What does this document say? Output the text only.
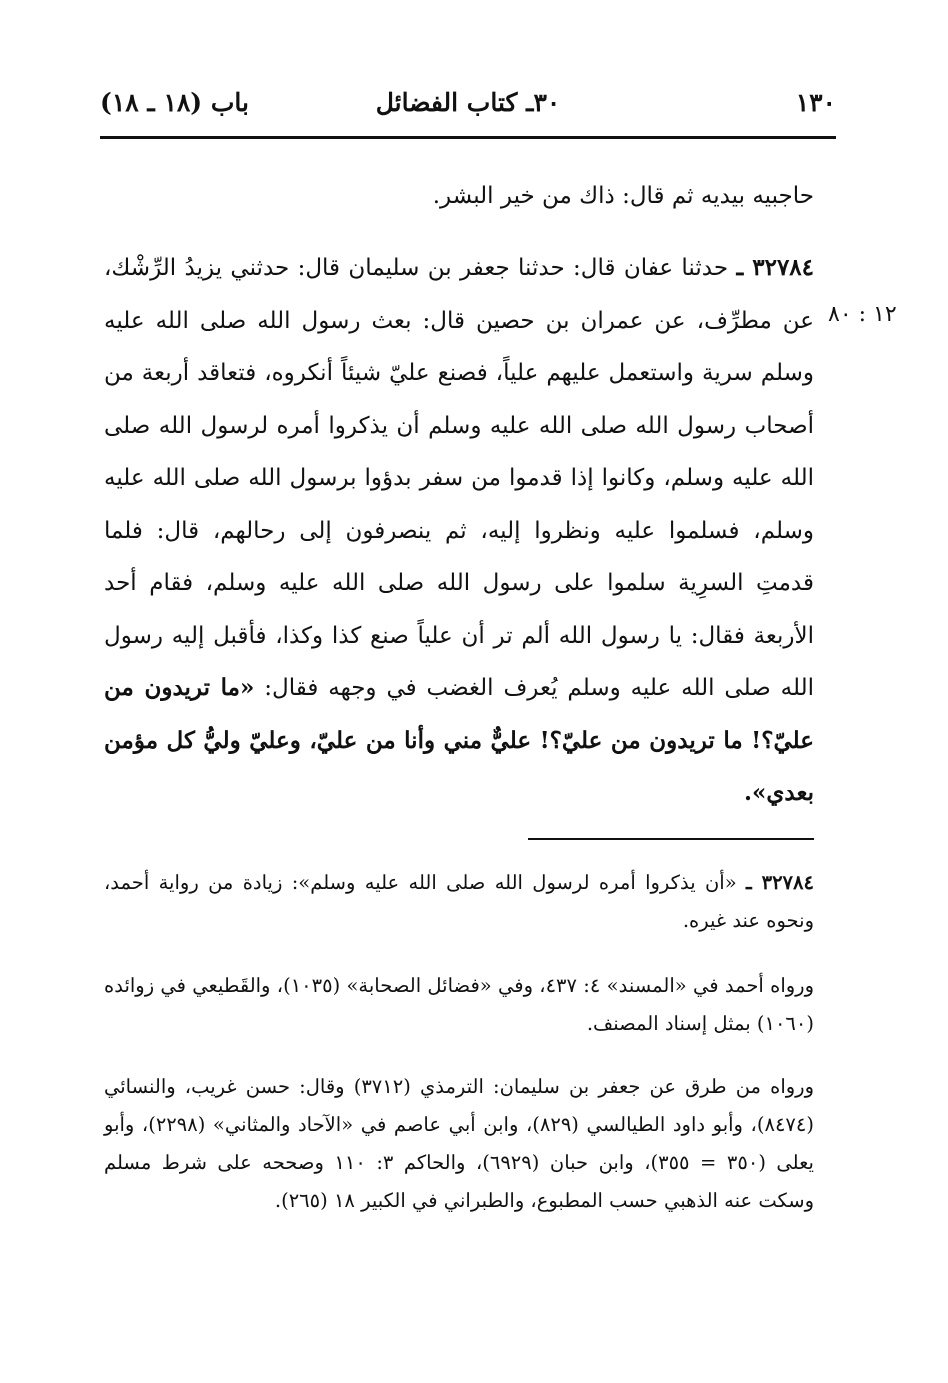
باب (١٨ ـ ١٨)	٣٠ـ كتاب الفضائل	١٣٠
حاجبيه بيديه ثم قال: ذاك من خير البشر.
١٢ : ٨٠
٣٢٧٨٤ ـ حدثنا عفان قال: حدثنا جعفر بن سليمان قال: حدثني يزيدُ الرِّشْك، عن مطرِّف، عن عمران بن حصين قال: بعث رسول الله صلى الله عليه وسلم سرية واستعمل عليهم علياً، فصنع عليّ شيئاً أنكروه، فتعاقد أربعة من أصحاب رسول الله صلى الله عليه وسلم أن يذكروا أمره لرسول الله صلى الله عليه وسلم، وكانوا إذا قدموا من سفر بدؤوا برسول الله صلى الله عليه وسلم، فسلموا عليه ونظروا إليه، ثم ينصرفون إلى رحالهم، قال: فلما قدمتِ السرِية سلموا على رسول الله صلى الله عليه وسلم، فقام أحد الأربعة فقال: يا رسول الله ألم تر أن علياً صنع كذا وكذا، فأقبل إليه رسول الله صلى الله عليه وسلم يُعرف الغضب في وجهه فقال: «ما تريدون من عليّ؟! ما تريدون من عليّ؟! عليٌّ مني وأنا من عليّ، وعليّ وليُّ كل مؤمن بعدي».
٣٢٧٨٤ ـ «أن يذكروا أمره لرسول الله صلى الله عليه وسلم»: زيادة من رواية أحمد، ونحوه عند غيره.
ورواه أحمد في «المسند» ٤: ٤٣٧، وفي «فضائل الصحابة» (١٠٣٥)، والقَطيعي في زوائده (١٠٦٠) بمثل إسناد المصنف.
ورواه من طرق عن جعفر بن سليمان: الترمذي (٣٧١٢) وقال: حسن غريب، والنسائي (٨٤٧٤)، وأبو داود الطيالسي (٨٢٩)، وابن أبي عاصم في «الآحاد والمثاني» (٢٢٩٨)، وأبو يعلى (٣٥٠ = ٣٥٥)، وابن حبان (٦٩٢٩)، والحاكم ٣: ١١٠ وصححه على شرط مسلم وسكت عنه الذهبي حسب المطبوع، والطبراني في الكبير ١٨ (٢٦٥).
